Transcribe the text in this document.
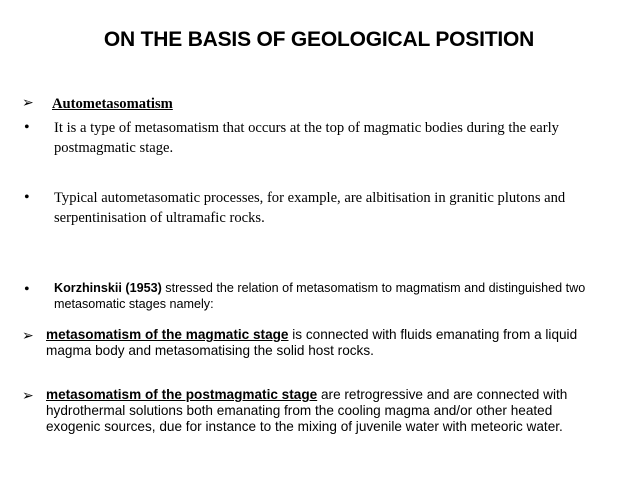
ON THE BASIS OF GEOLOGICAL POSITION
➢	Autometasomatism
•	It is a type of metasomatism that occurs at the top of magmatic bodies during the early postmagmatic stage.
•	Typical autometasomatic processes, for example, are albitisation in granitic plutons and serpentinisation of ultramafic rocks.
•	Korzhinskii (1953) stressed the relation of metasomatism to magmatism and distinguished two metasomatic stages namely:
➢ metasomatism of the magmatic stage is connected with fluids emanating from a liquid magma body and metasomatising the solid host rocks.
➢ metasomatism of the postmagmatic stage are retrogressive and are connected with hydrothermal solutions both emanating from the cooling magma and/or other heated exogenic sources, due for instance to the mixing of juvenile water with meteoric water.
